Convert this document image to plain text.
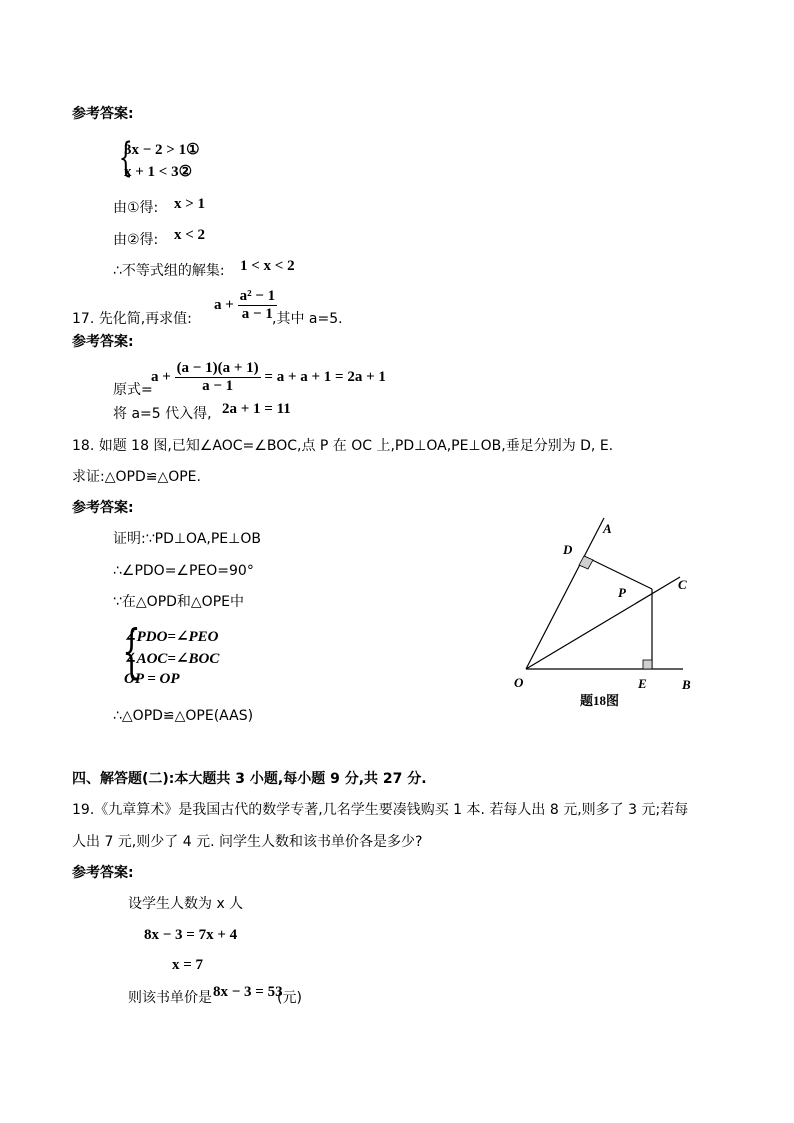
参考答案:
{
3x − 2 > 1①
x + 1 < 3②
由①得: x > 1
由②得: x < 2
∴不等式组的解集: 1 < x < 2
17. 先化简,再求值:
$a + \frac{\text{a² − 1}}{a - 1}$
,其中 a=5.
参考答案:
原式=
$a + \frac{(a - 1)(a + 1)}{a - 1} = a + a + 1 = 2a + 1$
将 a=5 代入得, 2a + 1 = 11
18. 如题 18 图,已知∠AOC=∠BOC,点 P 在 OC 上,PD⊥OA,PE⊥OB,垂足分别为 D, E.
求证:△OPD≌△OPE.
参考答案:
证明:∵PD⊥OA,PE⊥OB
∴∠PDO=∠PEO=90°
∵在△OPD和△OPE中
{
∠PDO=∠PEO
∠AOC=∠BOC
OP = OP
∴△OPD≌△OPE(AAS)
A
D
C
P
O	E	B
题18图
四、解答题(二):本大题共 3 小题,每小题 9 分,共 27 分.
19.《九章算术》是我国古代的数学专著,几名学生要凑钱购买 1 本. 若每人出 8 元,则多了 3 元;若每
人出 7 元,则少了 4 元. 问学生人数和该书单价各是多少?
参考答案:
设学生人数为 x 人
8x − 3 = 7x + 4
x = 7
则该书单价是 8x − 3 = 53
(元)
